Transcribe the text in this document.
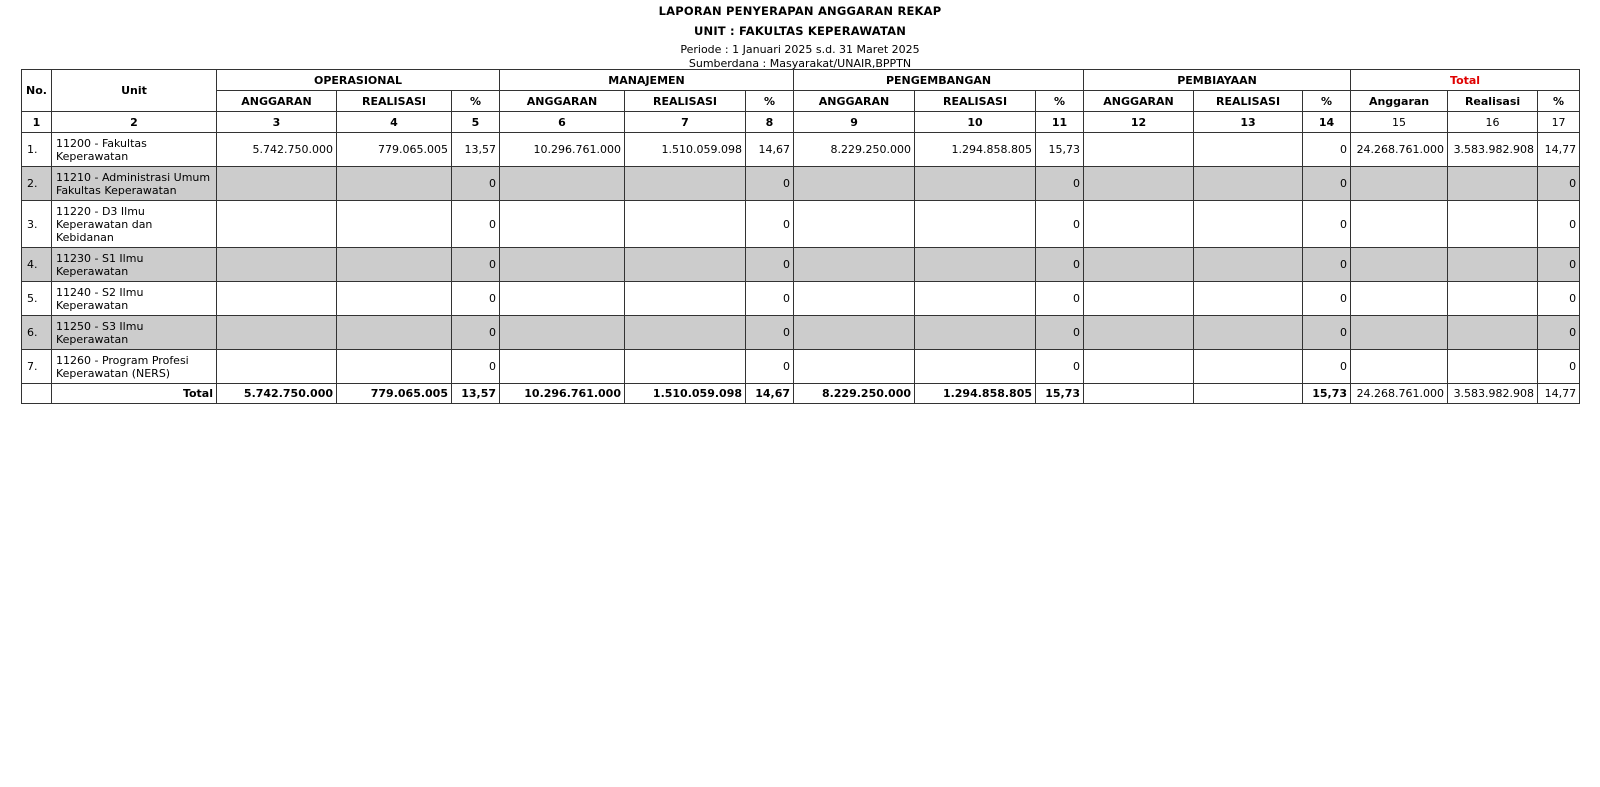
LAPORAN PENYERAPAN ANGGARAN REKAP
UNIT : FAKULTAS KEPERAWATAN
Periode : 1 Januari 2025 s.d. 31 Maret 2025
Sumberdana : Masyarakat/UNAIR,BPPTN
No.	Unit	OPERASIONAL			MANAJEMEN			PENGEMBANGAN			PEMBIAYAAN			Total		
		ANGGARAN	REALISASI	%	ANGGARAN	REALISASI	%	ANGGARAN	REALISASI	%	ANGGARAN	REALISASI	%	Anggaran	Realisasi	%
1	2	3	4	5	6	7	8	9	10	11	12	13	14	15	16	17
1.	11200 - Fakultas Keperawatan	5.742.750.000	779.065.005	13,57	10.296.761.000	1.510.059.098	14,67	8.229.250.000	1.294.858.805	15,73			0	24.268.761.000	3.583.982.908	14,77
2.	11210 - Administrasi Umum Fakultas Keperawatan			0			0			0			0			0
3.	11220 - D3 Ilmu Keperawatan dan Kebidanan			0			0			0			0			0
4.	11230 - S1 Ilmu Keperawatan			0			0			0			0			0
5.	11240 - S2 Ilmu Keperawatan			0			0			0			0			0
6.	11250 - S3 Ilmu Keperawatan			0			0			0			0			0
7.	11260 - Program Profesi Keperawatan (NERS)			0			0			0			0			0
	Total	5.742.750.000	779.065.005	13,57	10.296.761.000	1.510.059.098	14,67	8.229.250.000	1.294.858.805	15,73			15,73	24.268.761.000	3.583.982.908	14,77
